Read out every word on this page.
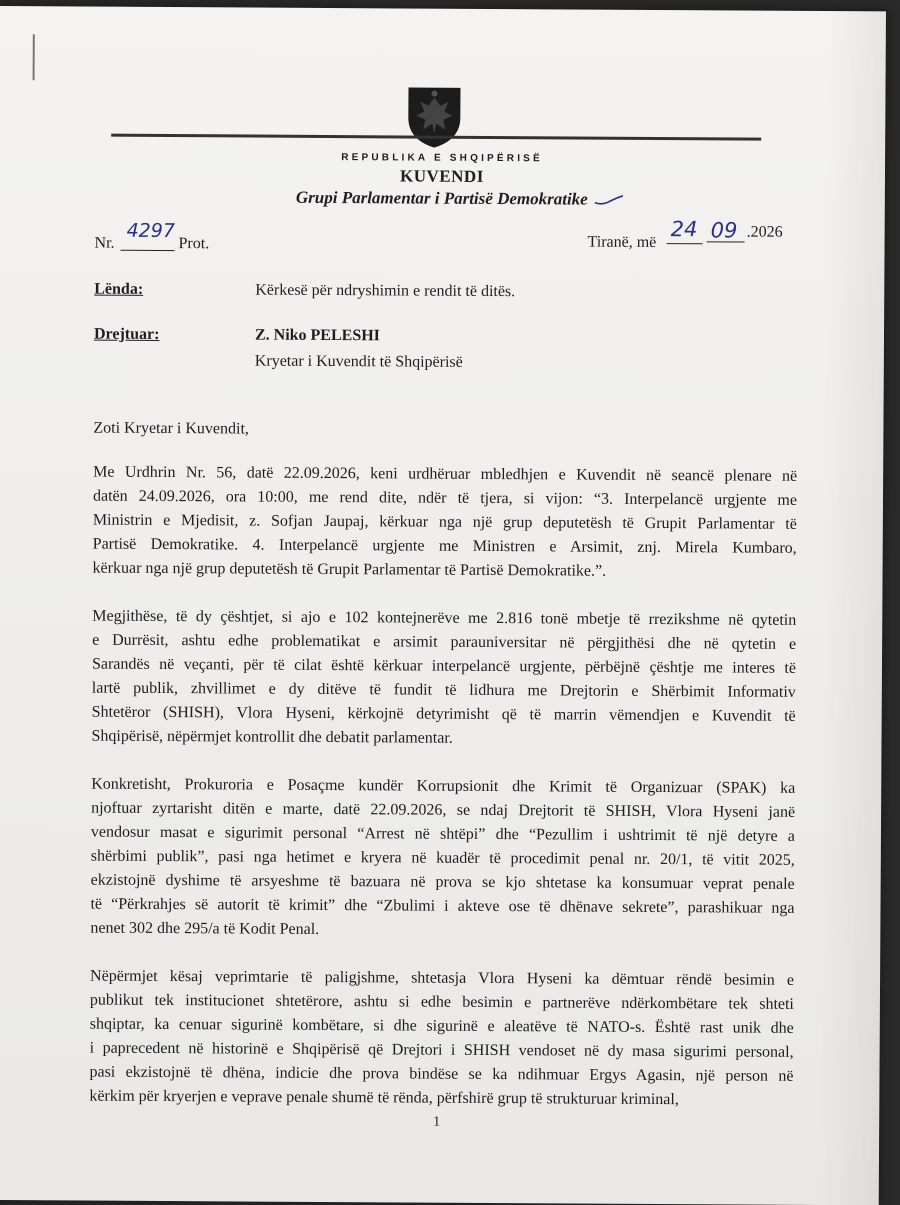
REPUBLIKA E SHQIPËRISË
KUVENDI
Grupi Parlamentar i Partisë Demokratike
Nr.
4297
Prot.	Tiranë, më
24 09 .2026
Lënda:	Kërkesë për ndryshimin e rendit të ditës.
Drejtuar:	Z. Niko PELESHI
Kryetar i Kuvendit të Shqipërisë
Zoti Kryetar i Kuvendit,
Me Urdhrin Nr. 56, datë 22.09.2026, keni urdhëruar mbledhjen e Kuvendit në seancë plenare në
datën 24.09.2026, ora 10:00, me rend dite, ndër të tjera, si vijon: “3. Interpelancë urgjente me
Ministrin e Mjedisit, z. Sofjan Jaupaj, kërkuar nga një grup deputetësh të Grupit Parlamentar të
Partisë Demokratike. 4. Interpelancë urgjente me Ministren e Arsimit, znj. Mirela Kumbaro,
kërkuar nga një grup deputetësh të Grupit Parlamentar të Partisë Demokratike.”.
Megjithëse, të dy çështjet, si ajo e 102 kontejnerëve me 2.816 tonë mbetje të rrezikshme në qytetin
e Durrësit, ashtu edhe problematikat e arsimit parauniversitar në përgjithësi dhe në qytetin e
Sarandës në veçanti, për të cilat është kërkuar interpelancë urgjente, përbëjnë çështje me interes të
lartë publik, zhvillimet e dy ditëve të fundit të lidhura me Drejtorin e Shërbimit Informativ
Shtetëror (SHISH), Vlora Hyseni, kërkojnë detyrimisht që të marrin vëmendjen e Kuvendit të
Shqipërisë, nëpërmjet kontrollit dhe debatit parlamentar.
Konkretisht, Prokuroria e Posaçme kundër Korrupsionit dhe Krimit të Organizuar (SPAK) ka
njoftuar zyrtarisht ditën e marte, datë 22.09.2026, se ndaj Drejtorit të SHISH, Vlora Hyseni janë
vendosur masat e sigurimit personal “Arrest në shtëpi” dhe “Pezullim i ushtrimit të një detyre a
shërbimi publik”, pasi nga hetimet e kryera në kuadër të procedimit penal nr. 20/1, të vitit 2025,
ekzistojnë dyshime të arsyeshme të bazuara në prova se kjo shtetase ka konsumuar veprat penale
të “Përkrahjes së autorit të krimit” dhe “Zbulimi i akteve ose të dhënave sekrete”, parashikuar nga
nenet 302 dhe 295/a të Kodit Penal.
Nëpërmjet kësaj veprimtarie të paligjshme, shtetasja Vlora Hyseni ka dëmtuar rëndë besimin e
publikut tek institucionet shtetërore, ashtu si edhe besimin e partnerëve ndërkombëtare tek shteti
shqiptar, ka cenuar sigurinë kombëtare, si dhe sigurinë e aleatëve të NATO-s. Është rast unik dhe
i paprecedent në historinë e Shqipërisë që Drejtori i SHISH vendoset në dy masa sigurimi personal,
pasi ekzistojnë të dhëna, indicie dhe prova bindëse se ka ndihmuar Ergys Agasin, një person në
kërkim për kryerjen e veprave penale shumë të rënda, përfshirë grup të strukturuar kriminal,
1
